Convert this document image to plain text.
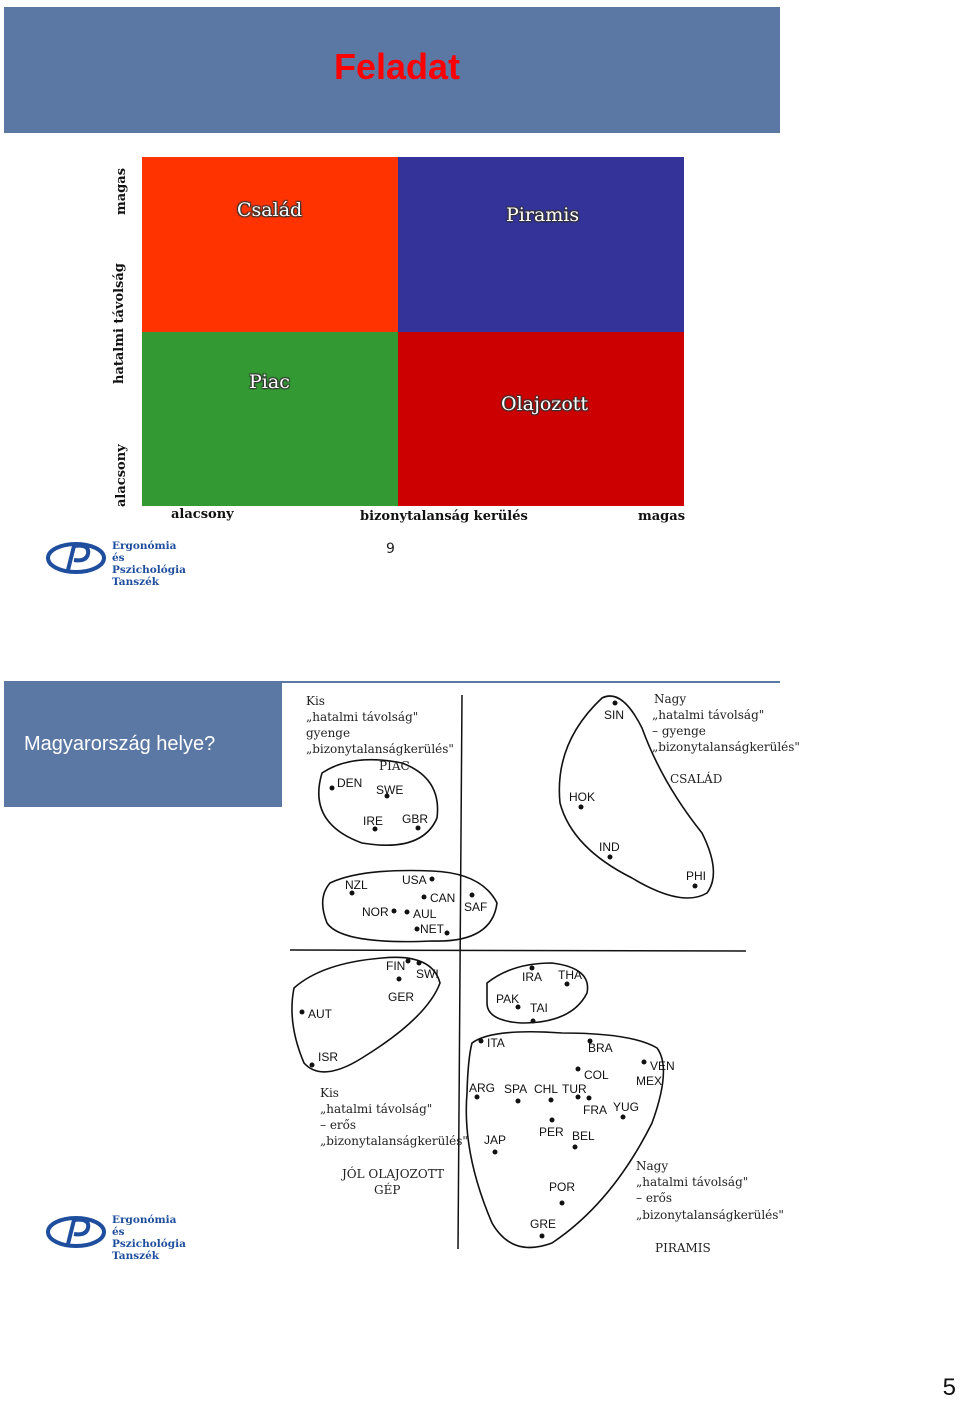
Feladat
Család	Piramis
Piac
Olajozott
magas
hatalmi távolság
alacsony
alacsony	bizonytalanság kerülés	magas
Ergonómia és
Pszichológia
Tanszék
9
Magyarország helye?
DEN SWE
IRE GBR
NZL	USA
CAN
SAF
NOR AUL
NET
SIN
HOK
IND
PHI
FIN
SWI
GER
AUT
ISR
IRA THA
PAK
TAI
ITA	BRA
VEN
COL MEX
ARG SPA CHL TUR
FRA YUG
JAP
PER BEL
POR
GRE
Kis
„hatalmi távolság"
gyenge
„bizonytalanságkerülés"
PIAC
Nagy
„hatalmi távolság"
– gyenge
„bizonytalanságkerülés"
CSALÁD
Kis
„hatalmi távolság"
– erős
„bizonytalanságkerülés"
JÓL OLAJOZOTT
GÉP
Nagy
„hatalmi távolság"
– erős
„bizonytalanságkerülés"
PIRAMIS
Ergonómia és
Pszichológia
Tanszék
5
